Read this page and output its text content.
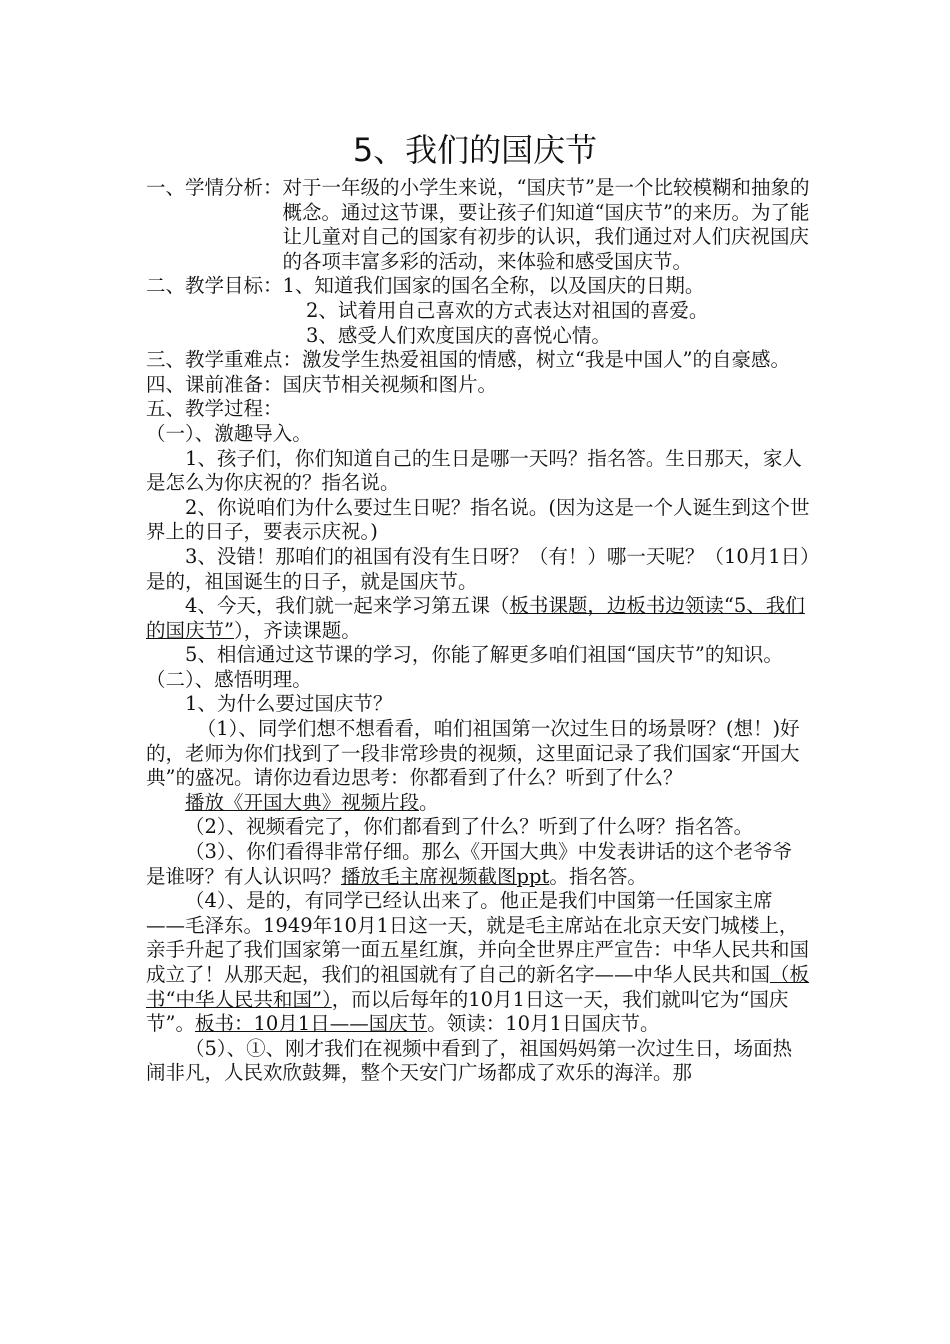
5、我们的国庆节
一、学情分析： 对于一年级的小学生来说，“国庆节”是一个比较模糊和抽象的概念。通过这节课，要让孩子们知道“国庆节”的来历。为了能让儿童对自己的国家有初步的认识，我们通过对人们庆祝国庆的各项丰富多彩的活动，来体验和感受国庆节。
二、教学目标： 1、知道我们国家的国名全称，以及国庆的日期。

2、试着用自己喜欢的方式表达对祖国的喜爱。

3、感受人们欢度国庆的喜悦心情。

三、教学重难点： 激发学生热爱祖国的情感，树立“我是中国人”的自豪感。
四、课前准备： 国庆节相关视频和图片。

五、教学过程：

（一）、激趣导入。

1、孩子们，你们知道自己的生日是哪一天吗？指名答。生日那天，家人是怎么为你庆祝的？指名说。

2、你说咱们为什么要过生日呢？指名说。(因为这是一个人诞生到这个世界上的日子，要表示庆祝。)

3、没错！那咱们的祖国有没有生日呀？（有！）哪一天呢？（10月1日）是的，祖国诞生的日子，就是国庆节。

4、今天，我们就一起来学习第五课（板书课题，边板书边领读“5、我们的国庆节”），齐读课题。

5、相信通过这节课的学习，你能了解更多咱们祖国“国庆节”的知识。

（二）、感悟明理。

1、为什么要过国庆节？

（1）、同学们想不想看看，咱们祖国第一次过生日的场景呀？(想！)好的，老师为你们找到了一段非常珍贵的视频，这里面记录了我们国家“开国大典”的盛况。请你边看边思考：你都看到了什么？听到了什么？

播放《开国大典》视频片段。

（2）、视频看完了，你们都看到了什么？听到了什么呀？指名答。

（3）、你们看得非常仔细。那么《开国大典》中发表讲话的这个老爷爷是谁呀？有人认识吗？播放毛主席视频截图ppt。指名答。

（4）、是的，有同学已经认出来了。他正是我们中国第一任国家主席——毛泽东。1949年10月1日这一天，就是毛主席站在北京天安门城楼上，亲手升起了我们国家第一面五星红旗，并向全世界庄严宣告：中华人民共和国成立了！从那天起，我们的祖国就有了自己的新名字——中华人民共和国（板书“中华人民共和国”），而以后每年的10月1日这一天，我们就叫它为“国庆节”。板书：10月1日——国庆节。领读：10月1日国庆节。

（5）、①、刚才我们在视频中看到了，祖国妈妈第一次过生日，场面热闹非凡，人民欢欣鼓舞，整个天安门广场都成了欢乐的海洋。那
